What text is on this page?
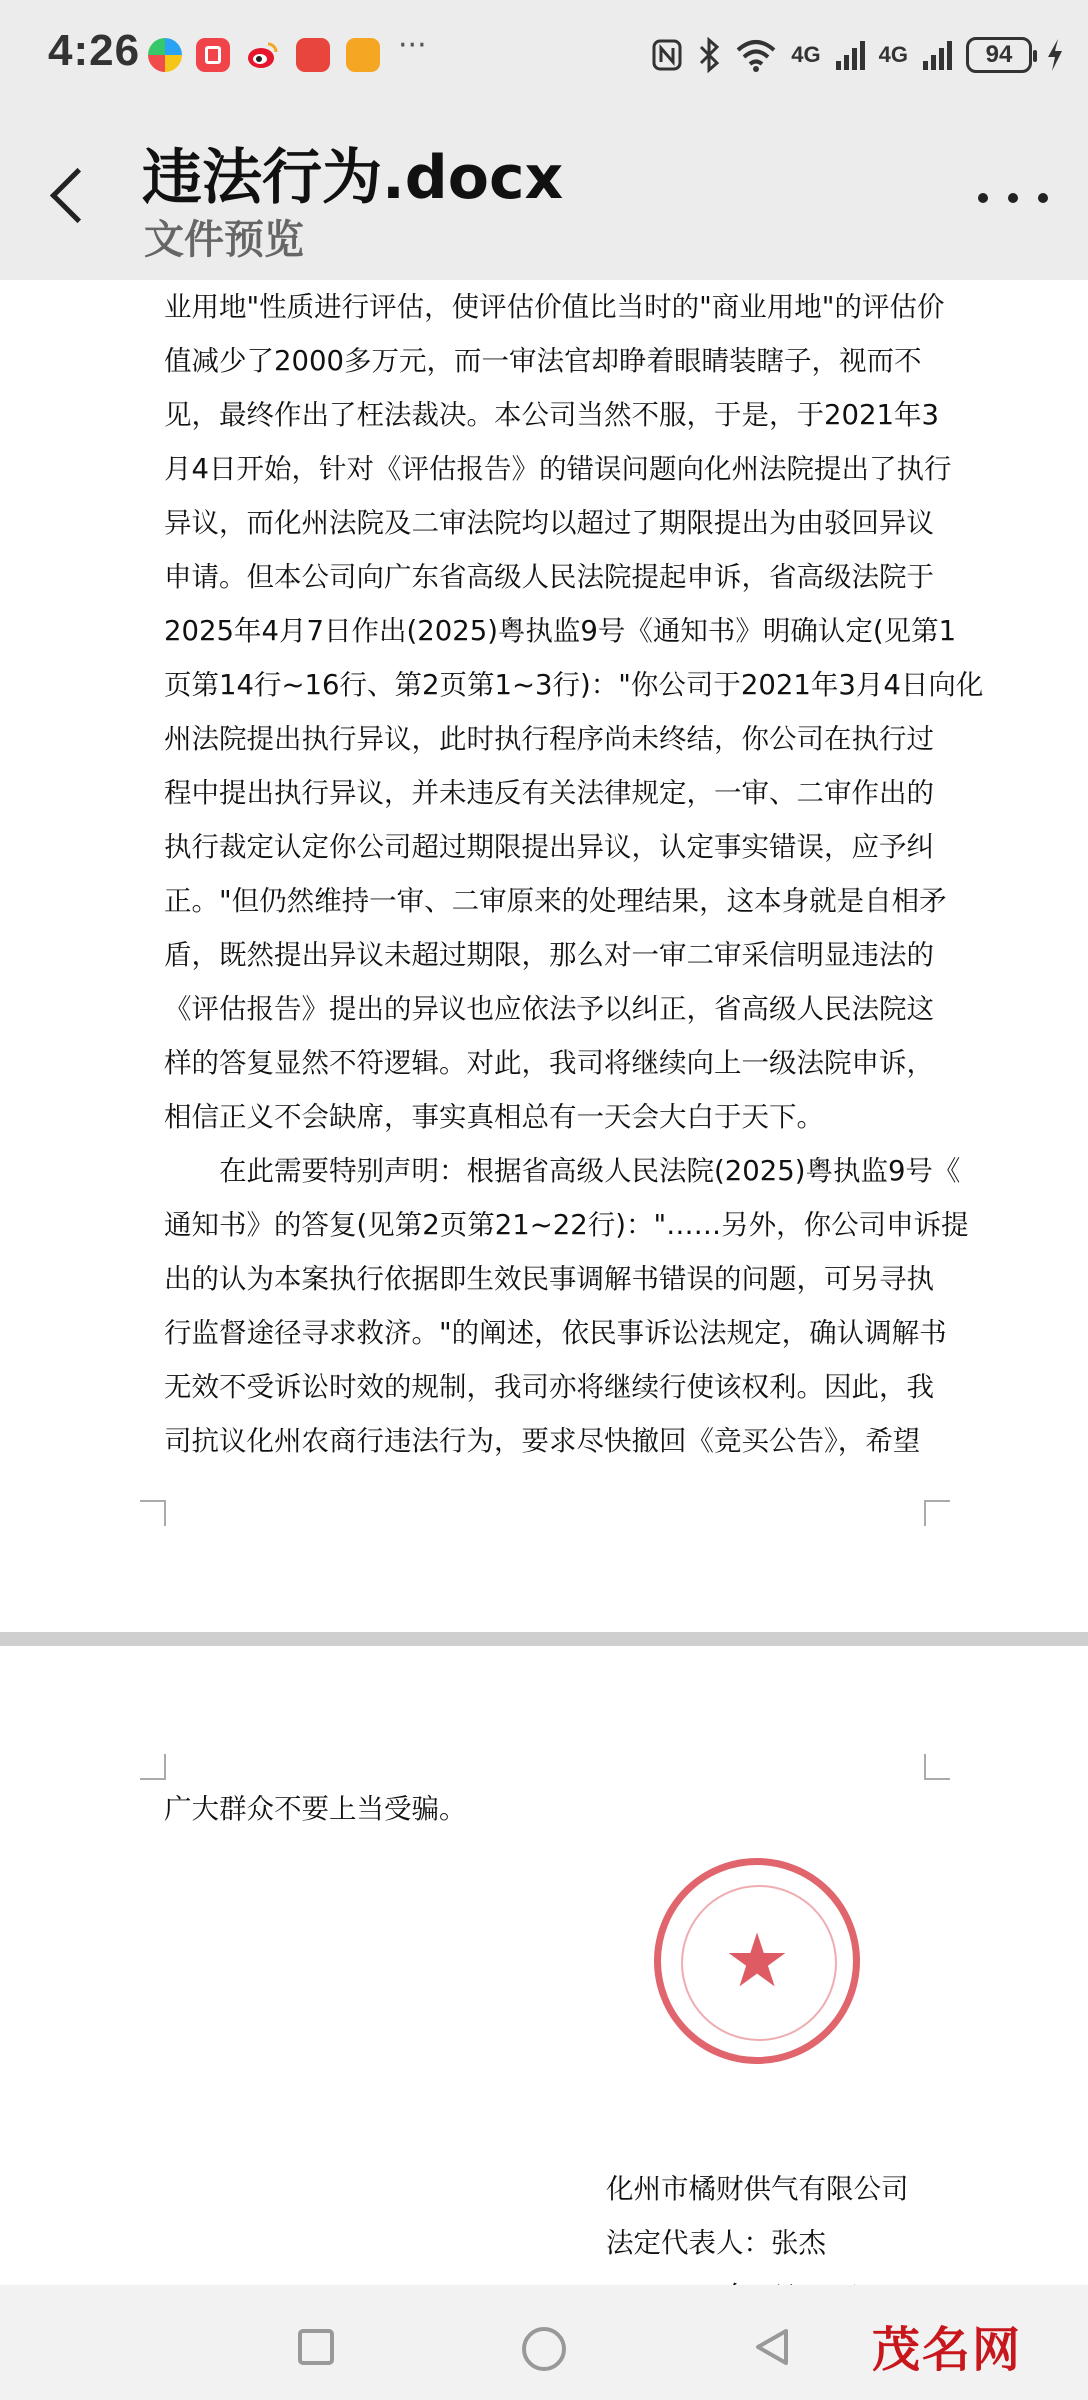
4:26	···	4G	4G	94
违法行为.docx
文件预览
业用地"性质进行评估，使评估价值比当时的"商业用地"的评估价
值减少了2000多万元，而一审法官却睁着眼睛装瞎子，视而不
见，最终作出了枉法裁决。本公司当然不服，于是，于2021年3
月4日开始，针对《评估报告》的错误问题向化州法院提出了执行
异议，而化州法院及二审法院均以超过了期限提出为由驳回异议
申请。但本公司向广东省高级人民法院提起申诉，省高级法院于
2025年4月7日作出(2025)粤执监9号《通知书》明确认定(见第1
页第14行~16行、第2页第1~3行)："你公司于2021年3月4日向化
州法院提出执行异议，此时执行程序尚未终结，你公司在执行过
程中提出执行异议，并未违反有关法律规定，一审、二审作出的
执行裁定认定你公司超过期限提出异议，认定事实错误，应予纠
正。"但仍然维持一审、二审原来的处理结果，这本身就是自相矛
盾，既然提出异议未超过期限，那么对一审二审采信明显违法的
《评估报告》提出的异议也应依法予以纠正，省高级人民法院这
样的答复显然不符逻辑。对此，我司将继续向上一级法院申诉，
相信正义不会缺席，事实真相总有一天会大白于天下。
　　在此需要特别声明：根据省高级人民法院(2025)粤执监9号《
通知书》的答复(见第2页第21~22行)："……另外，你公司申诉提
出的认为本案执行依据即生效民事调解书错误的问题，可另寻执
行监督途径寻求救济。"的阐述，依民事诉讼法规定，确认调解书
无效不受诉讼时效的规制，我司亦将继续行使该权利。因此，我
司抗议化州农商行违法行为，要求尽快撤回《竞买公告》，希望
广大群众不要上当受骗。
★
化州市橘财供气有限公司
法定代表人：张杰
茂名网
